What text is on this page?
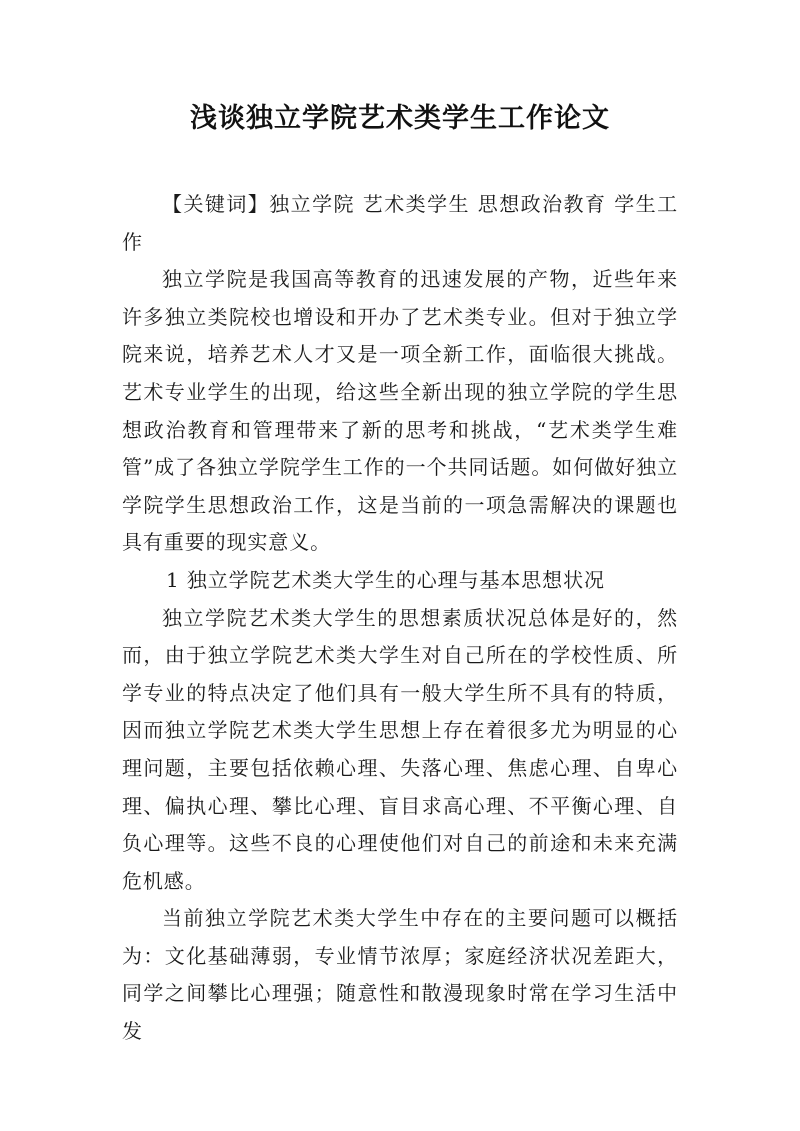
浅谈独立学院艺术类学生工作论文

【关键词】独立学院 艺术类学生 思想政治教育 学生工作

独立学院是我国高等教育的迅速发展的产物，近些年来许多独立类院校也增设和开办了艺术类专业。但对于独立学院来说，培养艺术人才又是一项全新工作，面临很大挑战。艺术专业学生的出现，给这些全新出现的独立学院的学生思想政治教育和管理带来了新的思考和挑战，“艺术类学生难管”成了各独立学院学生工作的一个共同话题。如何做好独立学院学生思想政治工作，这是当前的一项急需解决的课题也具有重要的现实意义。

1 独立学院艺术类大学生的心理与基本思想状况

独立学院艺术类大学生的思想素质状况总体是好的，然而，由于独立学院艺术类大学生对自己所在的学校性质、所学专业的特点决定了他们具有一般大学生所不具有的特质，因而独立学院艺术类大学生思想上存在着很多尤为明显的心理问题，主要包括依赖心理、失落心理、焦虑心理、自卑心理、偏执心理、攀比心理、盲目求高心理、不平衡心理、自负心理等。这些不良的心理使他们对自己的前途和未来充满危机感。

当前独立学院艺术类大学生中存在的主要问题可以概括为：文化基础薄弱，专业情节浓厚；家庭经济状况差距大，同学之间攀比心理强；随意性和散漫现象时常在学习生活中发
